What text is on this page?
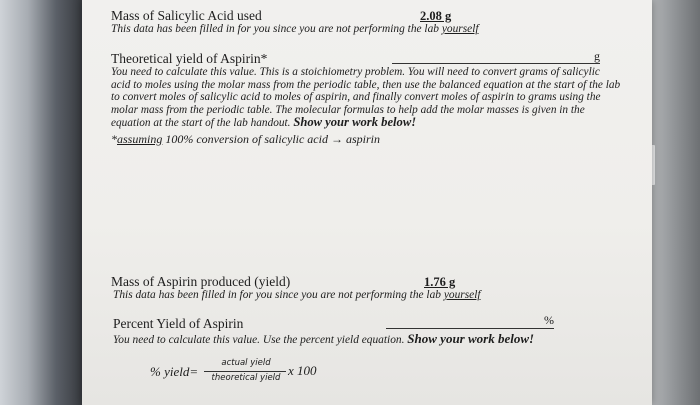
Mass of Salicylic Acid used	2.08 g
This data has been filled in for you since you are not performing the lab yourself
Theoretical yield of Aspirin*	g
You need to calculate this value. This is a stoichiometry problem. You will need to convert grams of salicylic acid to moles using the molar mass from the periodic table, then use the balanced equation at the start of the lab to convert moles of salicylic acid to moles of aspirin, and finally convert moles of aspirin to grams using the molar mass from the periodic table. The molecular formulas to help add the molar masses is given in the equation at the start of the lab handout. Show your work below!
*assuming 100% conversion of salicylic acid → aspirin
Mass of Aspirin produced (yield)	1.76 g
This data has been filled in for you since you are not performing the lab yourself
Percent Yield of Aspirin	%
You need to calculate this value. Use the percent yield equation. Show your work below!
% yield=
actual yield
theoretical yield x 100
